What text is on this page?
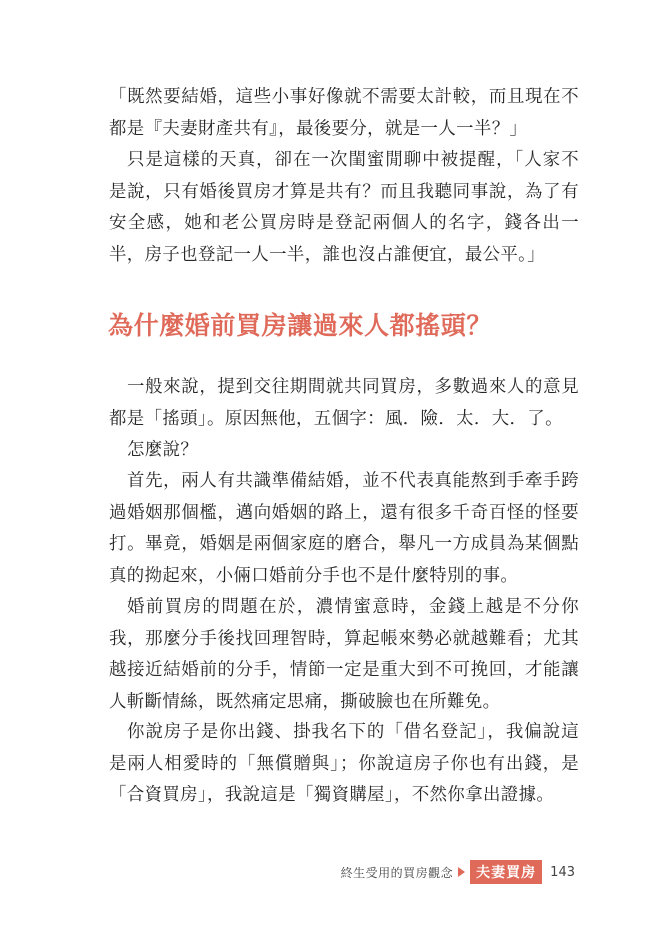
「既然要結婚，這些小事好像就不需要太計較，而且現在不都是『夫妻財產共有』，最後要分，就是一人一半？」

只是這樣的天真，卻在一次閨蜜閒聊中被提醒，「人家不是說，只有婚後買房才算是共有？而且我聽同事說，為了有安全感，她和老公買房時是登記兩個人的名字，錢各出一半，房子也登記一人一半，誰也沒占誰便宜，最公平。」

為什麼婚前買房讓過來人都搖頭？

一般來說，提到交往期間就共同買房，多數過來人的意見都是「搖頭」。原因無他，五個字：風．險．太．大．了。

怎麼說？

首先，兩人有共識準備結婚，並不代表真能熬到手牽手跨過婚姻那個檻，邁向婚姻的路上，還有很多千奇百怪的怪要打。畢竟，婚姻是兩個家庭的磨合，舉凡一方成員為某個點真的拗起來，小倆口婚前分手也不是什麼特別的事。

婚前買房的問題在於，濃情蜜意時，金錢上越是不分你我，那麼分手後找回理智時，算起帳來勢必就越難看；尤其越接近結婚前的分手，情節一定是重大到不可挽回，才能讓人斬斷情絲，既然痛定思痛，撕破臉也在所難免。

你說房子是你出錢、掛我名下的「借名登記」，我偏說這是兩人相愛時的「無償贈與」；你說這房子你也有出錢，是「合資買房」，我說這是「獨資購屋」，不然你拿出證據。

終生受用的買房觀念	夫妻買房	143
